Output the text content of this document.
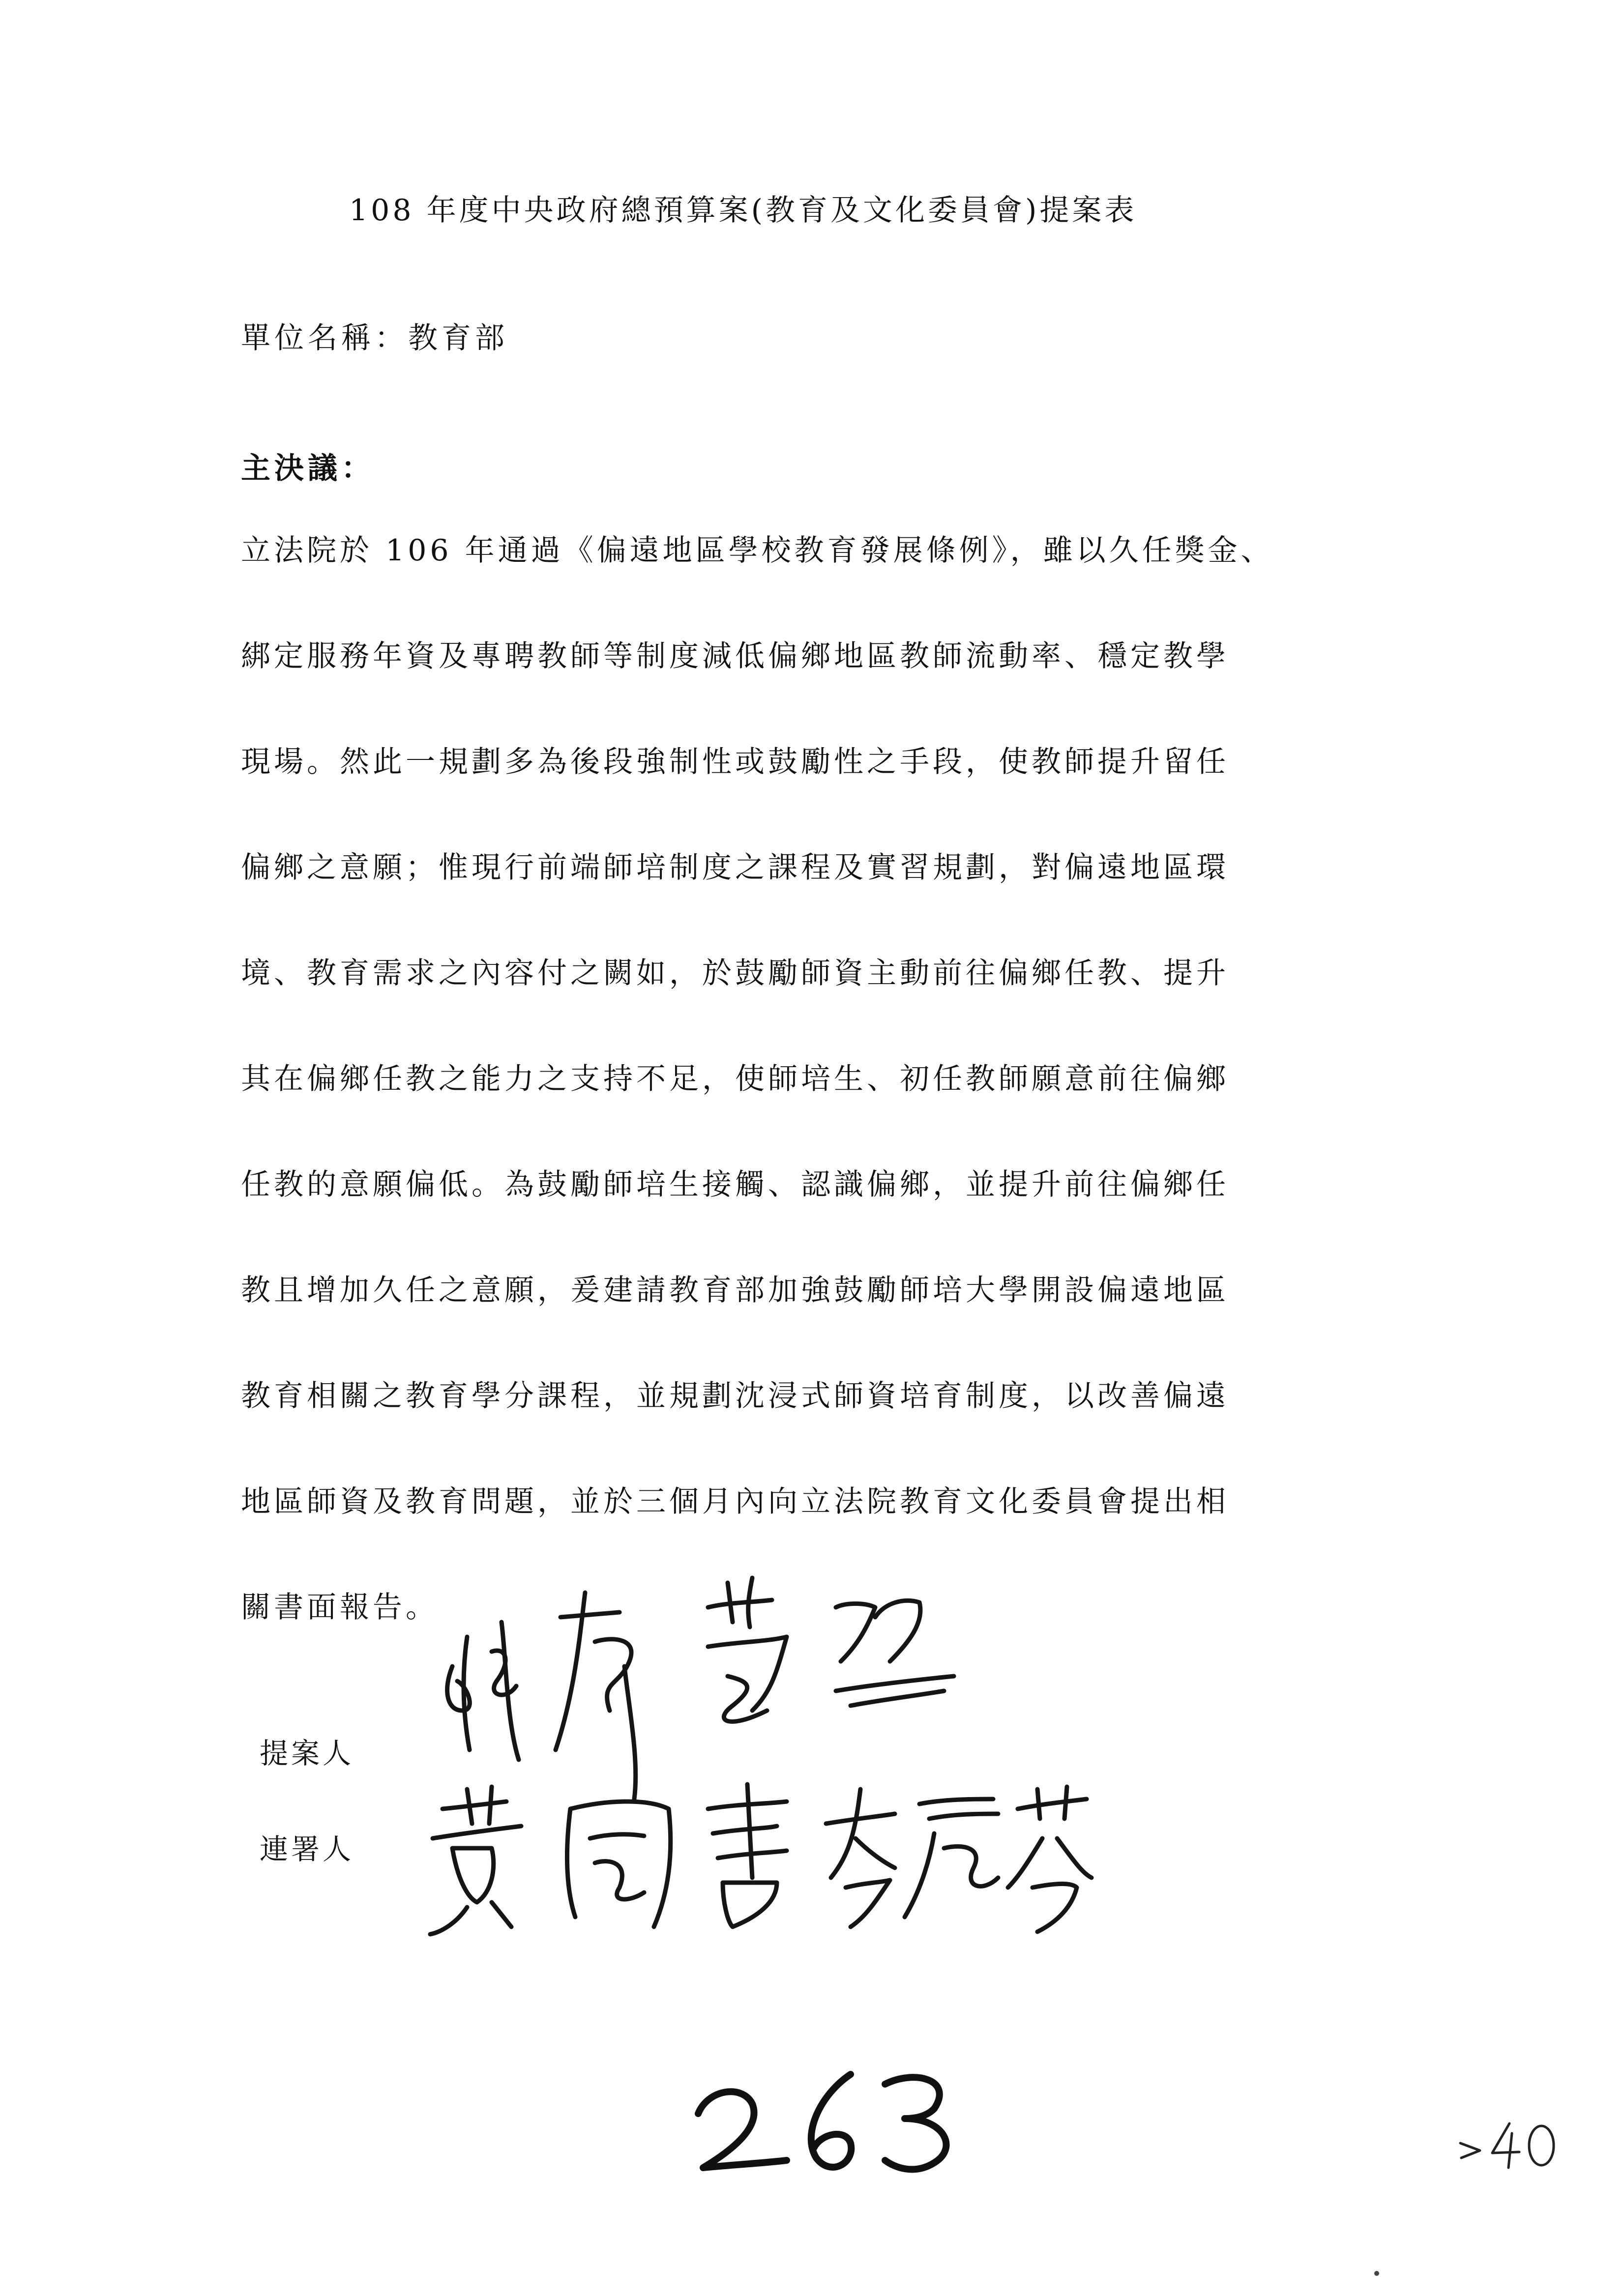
108 年度中央政府總預算案(教育及文化委員會)提案表
單位名稱：教育部
主決議：
立法院於 106 年通過《偏遠地區學校教育發展條例》，雖以久任獎金、
綁定服務年資及專聘教師等制度減低偏鄉地區教師流動率、穩定教學
現場。然此一規劃多為後段強制性或鼓勵性之手段，使教師提升留任
偏鄉之意願；惟現行前端師培制度之課程及實習規劃，對偏遠地區環
境、教育需求之內容付之闕如，於鼓勵師資主動前往偏鄉任教、提升
其在偏鄉任教之能力之支持不足，使師培生、初任教師願意前往偏鄉
任教的意願偏低。為鼓勵師培生接觸、認識偏鄉，並提升前往偏鄉任
教且增加久任之意願，爰建請教育部加強鼓勵師培大學開設偏遠地區
教育相關之教育學分課程，並規劃沈浸式師資培育制度，以改善偏遠
地區師資及教育問題，並於三個月內向立法院教育文化委員會提出相
關書面報告。
提案人
連署人
